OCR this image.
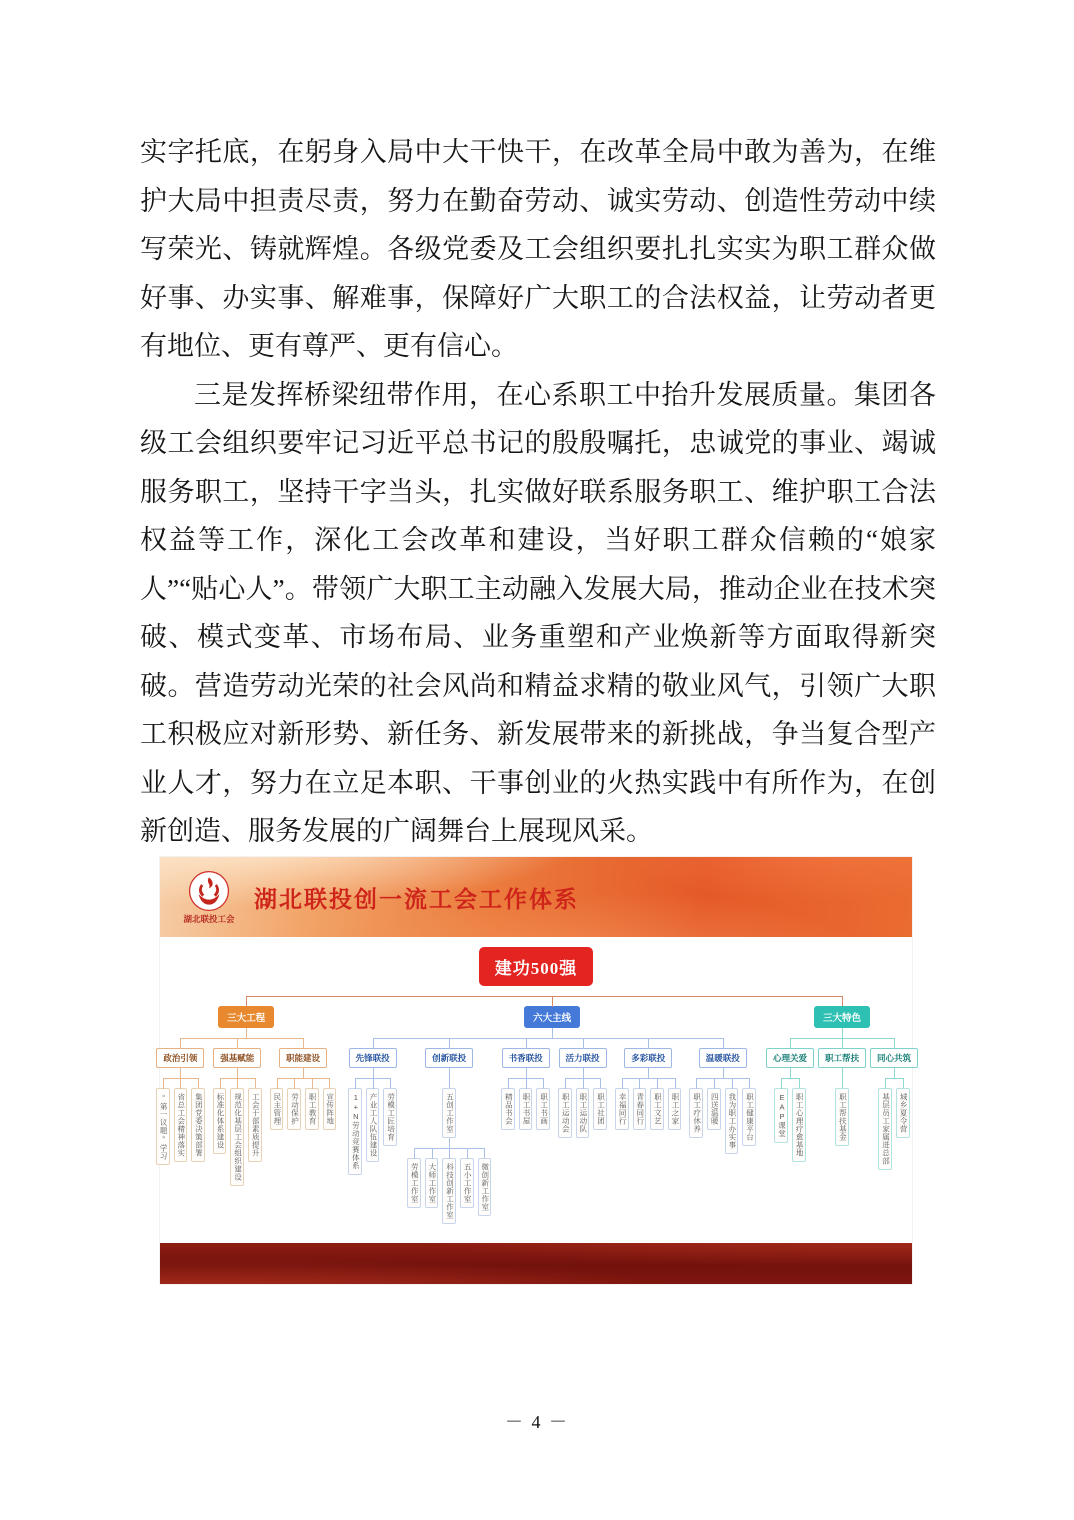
实字托底，在躬身入局中大干快干，在改革全局中敢为善为，在维护大局中担责尽责，努力在勤奋劳动、诚实劳动、创造性劳动中续写荣光、铸就辉煌。各级党委及工会组织要扎扎实实为职工群众做好事、办实事、解难事，保障好广大职工的合法权益，让劳动者更有地位、更有尊严、更有信心。

三是发挥桥梁纽带作用，在心系职工中抬升发展质量。集团各级工会组织要牢记习近平总书记的殷殷嘱托，忠诚党的事业、竭诚服务职工，坚持干字当头，扎实做好联系服务职工、维护职工合法权益等工作，深化工会改革和建设，当好职工群众信赖的“娘家人”“贴心人”。带领广大职工主动融入发展大局，推动企业在技术突破、模式变革、市场布局、业务重塑和产业焕新等方面取得新突破。营造劳动光荣的社会风尚和精益求精的敬业风气，引领广大职工积极应对新形势、新任务、新发展带来的新挑战，争当复合型产业人才，努力在立足本职、干事创业的火热实践中有所作为，在创新创造、服务发展的广阔舞台上展现风采。

湖北联投工会
湖北联投创一流工会工作体系
建功500强
三大工程
政治引领
“第一议题”学习	省总工会精神落实	集团党委决策部署
强基赋能
标准化体系建设	规范化基层工会组织建设	工会干部素质提升
职能建设
民主管理	劳动保护	职工教育	宣传阵地
六大主线
先锋联投
1+N劳动竞赛体系	产业工人队伍建设	劳模工匠培育
创新联投
五创工作室
劳模工作室	大师工作室	科技创新工作室	五小工作室	微创新工作室
书香联投
精品书会	职工书屋	职工书画
活力联投
职工运动会	职工运动队	职工社团
多彩联投
幸福同行	青春同行	职工文艺	职工之家
温暖联投
职工疗休养	四送温暖	我为职工办实事	职工健康平台
三大特色
心理关爱
EAP课堂	职工心理疗愈基地
职工帮扶
职工帮扶基金
同心共筑
基层员工家属进总部	城乡夏令营
－ 4 －
